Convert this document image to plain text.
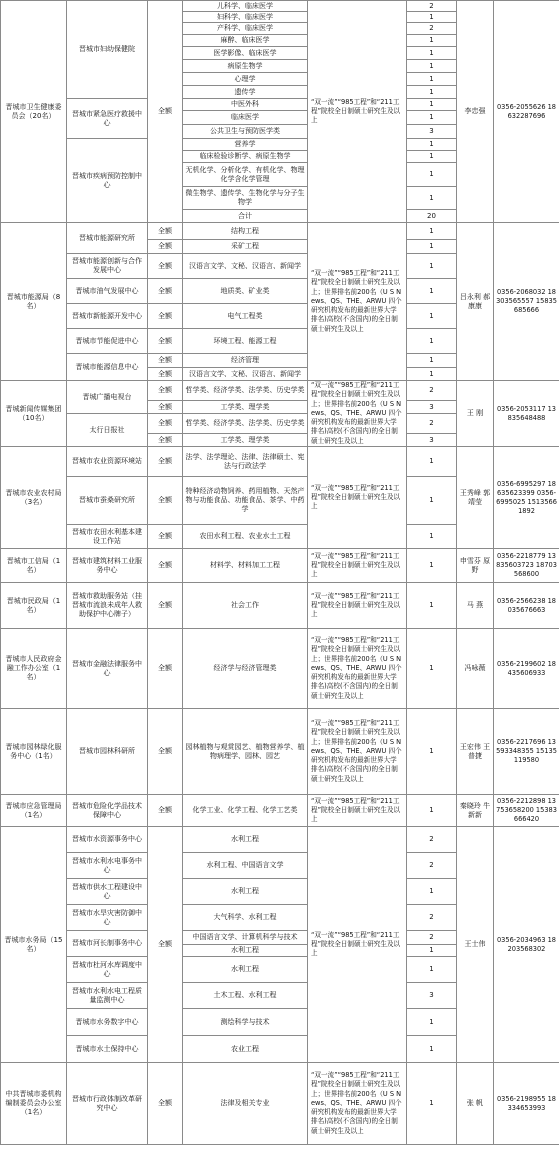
晋城市卫生健康委员会（20名）	晋城市妇幼保健院	全额	儿科学、临床医学	“双一流”“985工程”和“211工程”院校全日制硕士研究生及以上	2	李忠强	0356-2055626 18632287696
			妇科学、临床医学		1		
			产科学、临床医学		2		
			麻醉、临床医学		1		
			医学影像、临床医学		1		
			病原生物学		1		
			心理学		1		
			遗传学		1		
	晋城市紧急医疗救援中心		中医外科		1		
			临床医学		1		
			公共卫生与预防医学类		3		
	晋城市疾病预防控制中心		营养学		1		
			临床检验诊断学、病原生物学		1		
			无机化学、分析化学、有机化学、物理化学含化学管理		1		
			微生物学、遗传学、生物化学与分子生物学		1		
			合计		20		
晋城市能源局（8名）	晋城市能源研究所	全额	结构工程	“双一流”“985工程”和“211工程”院校全日制硕士研究生及以上；世界排名前200名（U S News、QS、THE、ARWU 四个研究机构发布的最新世界大学排名)高校(不含国内)的全日制硕士研究生及以上	1	吕永利 郝康康	0356-2068032 18303565557 15835685666
		全额	采矿工程		1		
	晋城市能源创新与合作发展中心	全额	汉语言文学、文秘、汉语言、新闻学		1		
	晋城市油气发展中心	全额	地质类、矿业类		1		
	晋城市新能源开发中心	全额	电气工程类		1		
	晋城市节能促进中心	全额	环境工程、能源工程		1		
	晋城市能源信息中心	全额	经济管理		1		
		全额	汉语言文学、文秘、汉语言、新闻学		1		
晋城新闻传媒集团（10名）	晋城广播电视台	全额	哲学类、经济学类、法学类、历史学类	“双一流”“985工程”和“211工程”院校全日制硕士研究生及以上；世界排名前200名（U S News、QS、THE、ARWU 四个研究机构发布的最新世界大学排名)高校(不含国内)的全日制硕士研究生及以上	2	王 刚	0356-2053117 13835648488
		全额	工学类、理学类		3		
	太行日报社	全额	哲学类、经济学类、法学类、历史学类		2		
		全额	工学类、理学类		3		
晋城市农业农村局（3名）	晋城市农业资源环境站	全额	法学、法学理论、法律、法律硕士、宪法与行政法学	“双一流”“985工程”和“211工程”院校全日制硕士研究生及以上	1	王秀峰 郭靖莹	0356-6995297 18635623399 0356-6995025 15135661892
	晋城市蚕桑研究所	全额	特种经济动物饲养、药用植物、天然产物与功能食品、功能食品、茶学、中药学		1		
	晋城市农田水利基本建设工作站	全额	农田水利工程、农业水土工程		1		
晋城市工信局（1名）	晋城市建筑材料工业服务中心	全额	材料学、材料加工工程	“双一流”“985工程”和“211工程”院校全日制硕士研究生及以上	1	申雪芬 原 野	0356-2218779 13835603723 18703568600
晋城市民政局（1名）	晋城市救助服务站（挂晋城市流浪未成年人救助保护中心牌子）	全额	社会工作	“双一流”“985工程”和“211工程”院校全日制硕士研究生及以上	1	马 燕	0356-2566238 18035676663
晋城市人民政府金融工作办公室（1名）	晋城市金融法律服务中心	全额	经济学与经济管理类	“双一流”“985工程”和“211工程”院校全日制硕士研究生及以上；世界排名前200名（U S News、QS、THE、ARWU 四个研究机构发布的最新世界大学排名)高校(不含国内)的全日制硕士研究生及以上	1	冯咏薇	0356-2199602 18435606933
晋城市园林绿化服务中心（1名）	晋城市园林科研所	全额	园林植物与观赏园艺、植物营养学、植物病理学、园林、园艺	“双一流”“985工程”和“211工程”院校全日制硕士研究生及以上；世界排名前200名（U S News、QS、THE、ARWU 四个研究机构发布的最新世界大学排名)高校(不含国内)的全日制硕士研究生及以上	1	王宏伟 王普捷	0356-2217696 13593348355 15135119580
晋城市应急管理局（1名）	晋城市危险化学品技术保障中心	全额	化学工业、化学工程、化学工艺类	“双一流”“985工程”和“211工程”院校全日制硕士研究生及以上	1	秦晓玲 牛新新	0356-2212898 13753658200 15383666420
晋城市水务局（15名）	晋城市水资源事务中心	全额	水利工程	“双一流”“985工程”和“211工程”院校全日制硕士研究生及以上	2	王士伟	0356-2034963 18203568302
	晋城市水利水电事务中心		水利工程、中国语言文学		2		
	晋城市供水工程建设中心		水利工程		1		
	晋城市水旱灾害防御中心		大气科学、水利工程		2		
	晋城市河长制事务中心		中国语言文学、计算机科学与技术		2		
			水利工程		1		
	晋城市杜河水库调度中心		水利工程		1		
	晋城市水利水电工程质量监测中心		土木工程、水利工程		3		
	晋城市水务数字中心		测绘科学与技术		1		
	晋城市水土保持中心		农业工程		1		
中共晋城市委机构编制委员会办公室（1名）	晋城市行政体制改革研究中心	全额	法律及相关专业	“双一流”“985工程”和“211工程”院校全日制硕士研究生及以上；世界排名前200名（U S News、QS、THE、ARWU 四个研究机构发布的最新世界大学排名)高校(不含国内)的全日制硕士研究生及以上	1	张 帆	0356-2198955 18334653993
